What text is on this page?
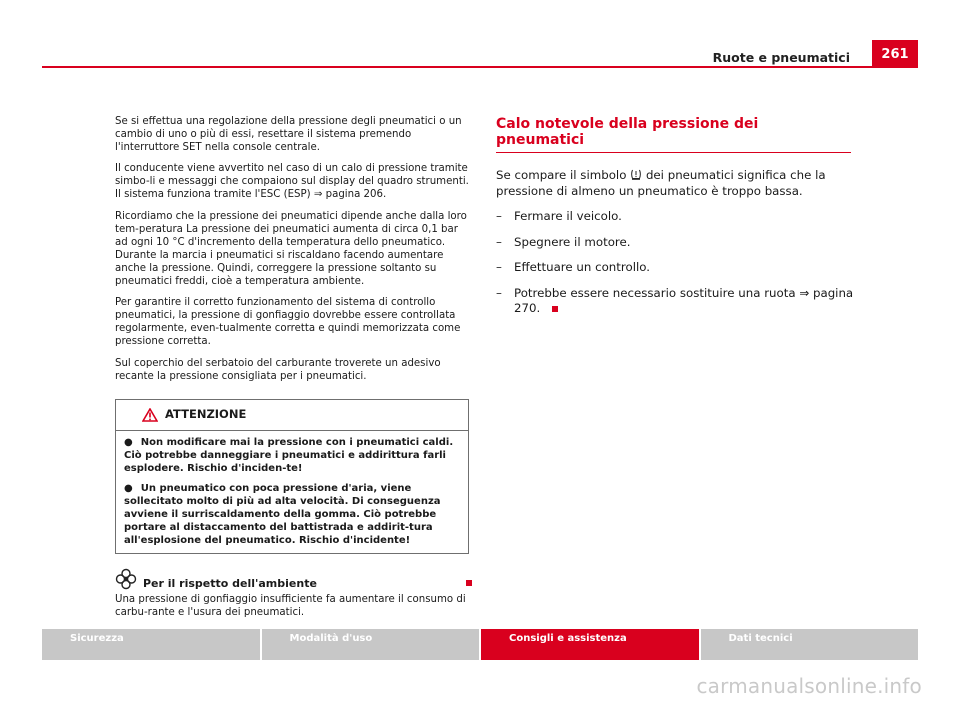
Ruote e pneumatici	261

Se si effettua una regolazione della pressione degli pneumatici o un cambio di uno o più di essi, resettare il sistema premendo l'interruttore SET nella console centrale.

Il conducente viene avvertito nel caso di un calo di pressione tramite simbo-li e messaggi che compaiono sul display del quadro strumenti. Il sistema funziona tramite l'ESC (ESP) ⇒ pagina 206.

Ricordiamo che la pressione dei pneumatici dipende anche dalla loro tem-peratura La pressione dei pneumatici aumenta di circa 0,1 bar ad ogni 10 °C d'incremento della temperatura dello pneumatico. Durante la marcia i pneumatici si riscaldano facendo aumentare anche la pressione. Quindi, correggere la pressione soltanto su pneumatici freddi, cioè a temperatura ambiente.

Per garantire il corretto funzionamento del sistema di controllo pneumatici, la pressione di gonfiaggio dovrebbe essere controllata regolarmente, even-tualmente corretta e quindi memorizzata come pressione corretta.

Sul coperchio del serbatoio del carburante troverete un adesivo recante la pressione consigliata per i pneumatici.

ATTENZIONE

● Non modificare mai la pressione con i pneumatici caldi. Ciò potrebbe danneggiare i pneumatici e addirittura farli esplodere. Rischio d'inciden-te!

● Un pneumatico con poca pressione d'aria, viene sollecitato molto di più ad alta velocità. Di conseguenza avviene il surriscaldamento della gomma. Ciò potrebbe portare al distaccamento del battistrada e addirit-tura all'esplosione del pneumatico. Rischio d'incidente!

Per il rispetto dell'ambiente
Una pressione di gonfiaggio insufficiente fa aumentare il consumo di carbu-rante e l'usura dei pneumatici.
Calo notevole della pressione dei pneumatici

Se compare il simbolo dei pneumatici significa che la pressione di almeno un pneumatico è troppo bassa.

–	Fermare il veicolo.
–	Spegnere il motore.
–	Effettuare un controllo.
–	Potrebbe essere necessario sostituire una ruota ⇒ pagina 270.
Sicurezza	Modalità d'uso	Consigli e assistenza	Dati tecnici
carmanualsonline.info
